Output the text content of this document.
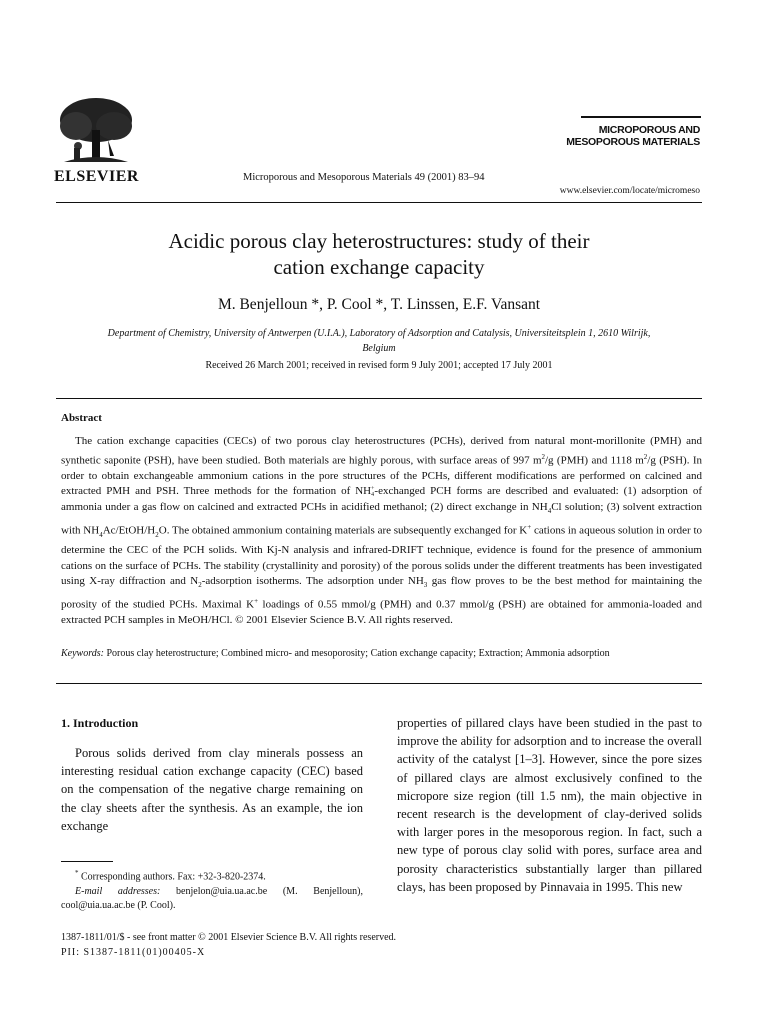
ELSEVIER	Microporous and Mesoporous Materials 49 (2001) 83–94
MICROPOROUS AND
MESOPOROUS MATERIALS
www.elsevier.com/locate/micromeso
Acidic porous clay heterostructures: study of their
cation exchange capacity
M. Benjelloun *, P. Cool *, T. Linssen, E.F. Vansant
Department of Chemistry, University of Antwerpen (U.I.A.), Laboratory of Adsorption and Catalysis, Universiteitsplein 1, 2610 Wilrijk,
Belgium
Received 26 March 2001; received in revised form 9 July 2001; accepted 17 July 2001
Abstract
The cation exchange capacities (CECs) of two porous clay heterostructures (PCHs), derived from natural mont-morillonite (PMH) and synthetic saponite (PSH), have been studied. Both materials are highly porous, with surface areas of 997 $m^2/g$ (PMH) and 1118 $m^2/g$ (PSH). In order to obtain exchangeable ammonium cations in the pore structures of the PCHs, different modifications are performed on calcined and extracted PMH and PSH. Three methods for the formation of NH +
4 -exchanged PCH forms are described and evaluated: (1) adsorption of ammonia under a gas flow on calcined and extracted PCHs in acidified methanol; (2) direct exchange in $NH_4Cl$ solution; (3) solvent extraction with $NH_4Ac/EtOH/H_2O$. The obtained ammonium containing materials are subsequently exchanged for K+ cations in aqueous solution in order to determine the CEC of the PCH solids. With Kj-N analysis and infrared-DRIFT technique, evidence is found for the presence of ammonium cations on the surface of PCHs. The stability (crystallinity and porosity) of the porous solids under the different treatments has been investigated using X-ray diffraction and $N_2$-adsorption isotherms. The adsorption under $NH_3$ gas flow proves to be the best method for maintaining the porosity of the studied PCHs. Maximal K+ loadings of 0.55 mmol/g (PMH) and 0.37 mmol/g (PSH) are obtained for ammonia-loaded and extracted PCH samples in MeOH/HCl. © 2001 Elsevier Science B.V. All rights reserved.
Keywords: Porous clay heterostructure; Combined micro- and mesoporosity; Cation exchange capacity; Extraction; Ammonia adsorption
1. Introduction
Porous solids derived from clay minerals possess an interesting residual cation exchange capacity (CEC) based on the compensation of the negative charge remaining on the clay sheets after the synthesis. As an example, the ion exchange
properties of pillared clays have been studied in the past to improve the ability for adsorption and to increase the overall activity of the catalyst [1–3]. However, since the pore sizes of pillared clays are almost exclusively confined to the micropore size region (till 1.5 nm), the main objective in recent research is the development of clay-derived solids with larger pores in the mesoporous region. In fact, such a new type of porous clay solid with pores, surface area and porosity characteristics substantially larger than pillared clays, has been proposed by Pinnavaia in 1995. This new
* Corresponding authors. Fax: +32-3-820-2374.
E-mail addresses: benjelon@uia.ua.ac.be (M. Benjelloun), cool@uia.ua.ac.be (P. Cool).
1387-1811/01/$ - see front matter © 2001 Elsevier Science B.V. All rights reserved.
PII: S1387-1811(01)00405-X
